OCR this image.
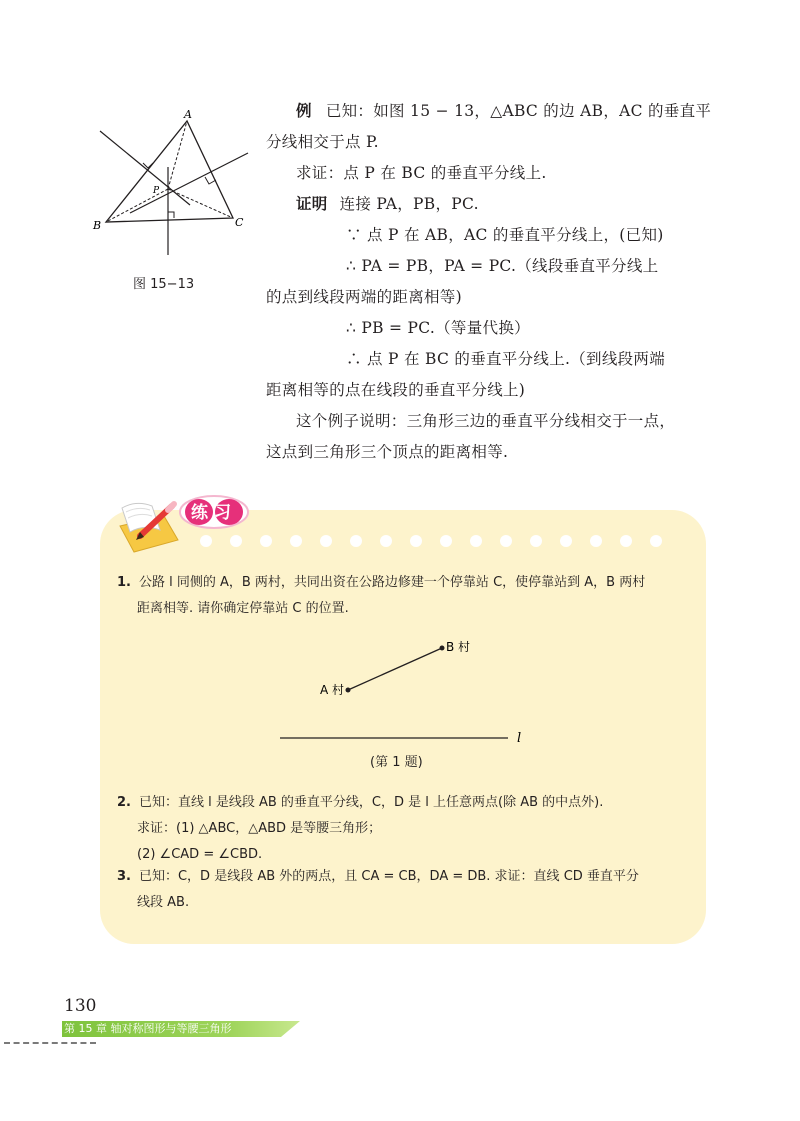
A
B	C
P
图 15−13
例 已知：如图 15 − 13，△ABC 的边 AB，AC 的垂直平
分线相交于点 P.
求证：点 P 在 BC 的垂直平分线上.
证明 连接 PA，PB，PC.
∵ 点 P 在 AB，AC 的垂直平分线上，(已知)
∴ PA = PB，PA = PC.（线段垂直平分线上
的点到线段两端的距离相等)
∴ PB = PC.（等量代换）
∴ 点 P 在 BC 的垂直平分线上.（到线段两端
距离相等的点在线段的垂直平分线上)
这个例子说明：三角形三边的垂直平分线相交于一点，
这点到三角形三个顶点的距离相等.
练习
1. 公路 l 同侧的 A，B 两村，共同出资在公路边修建一个停靠站 C，使停靠站到 A，B 两村
距离相等. 请你确定停靠站 C 的位置.
B 村
A 村
l
(第 1 题)
2. 已知：直线 l 是线段 AB 的垂直平分线，C，D 是 l 上任意两点(除 AB 的中点外).
求证：(1) △ABC，△ABD 是等腰三角形；
(2) ∠CAD = ∠CBD.
3. 已知：C，D 是线段 AB 外的两点，且 CA = CB，DA = DB. 求证：直线 CD 垂直平分
线段 AB.
130
第 15 章 轴对称图形与等腰三角形
